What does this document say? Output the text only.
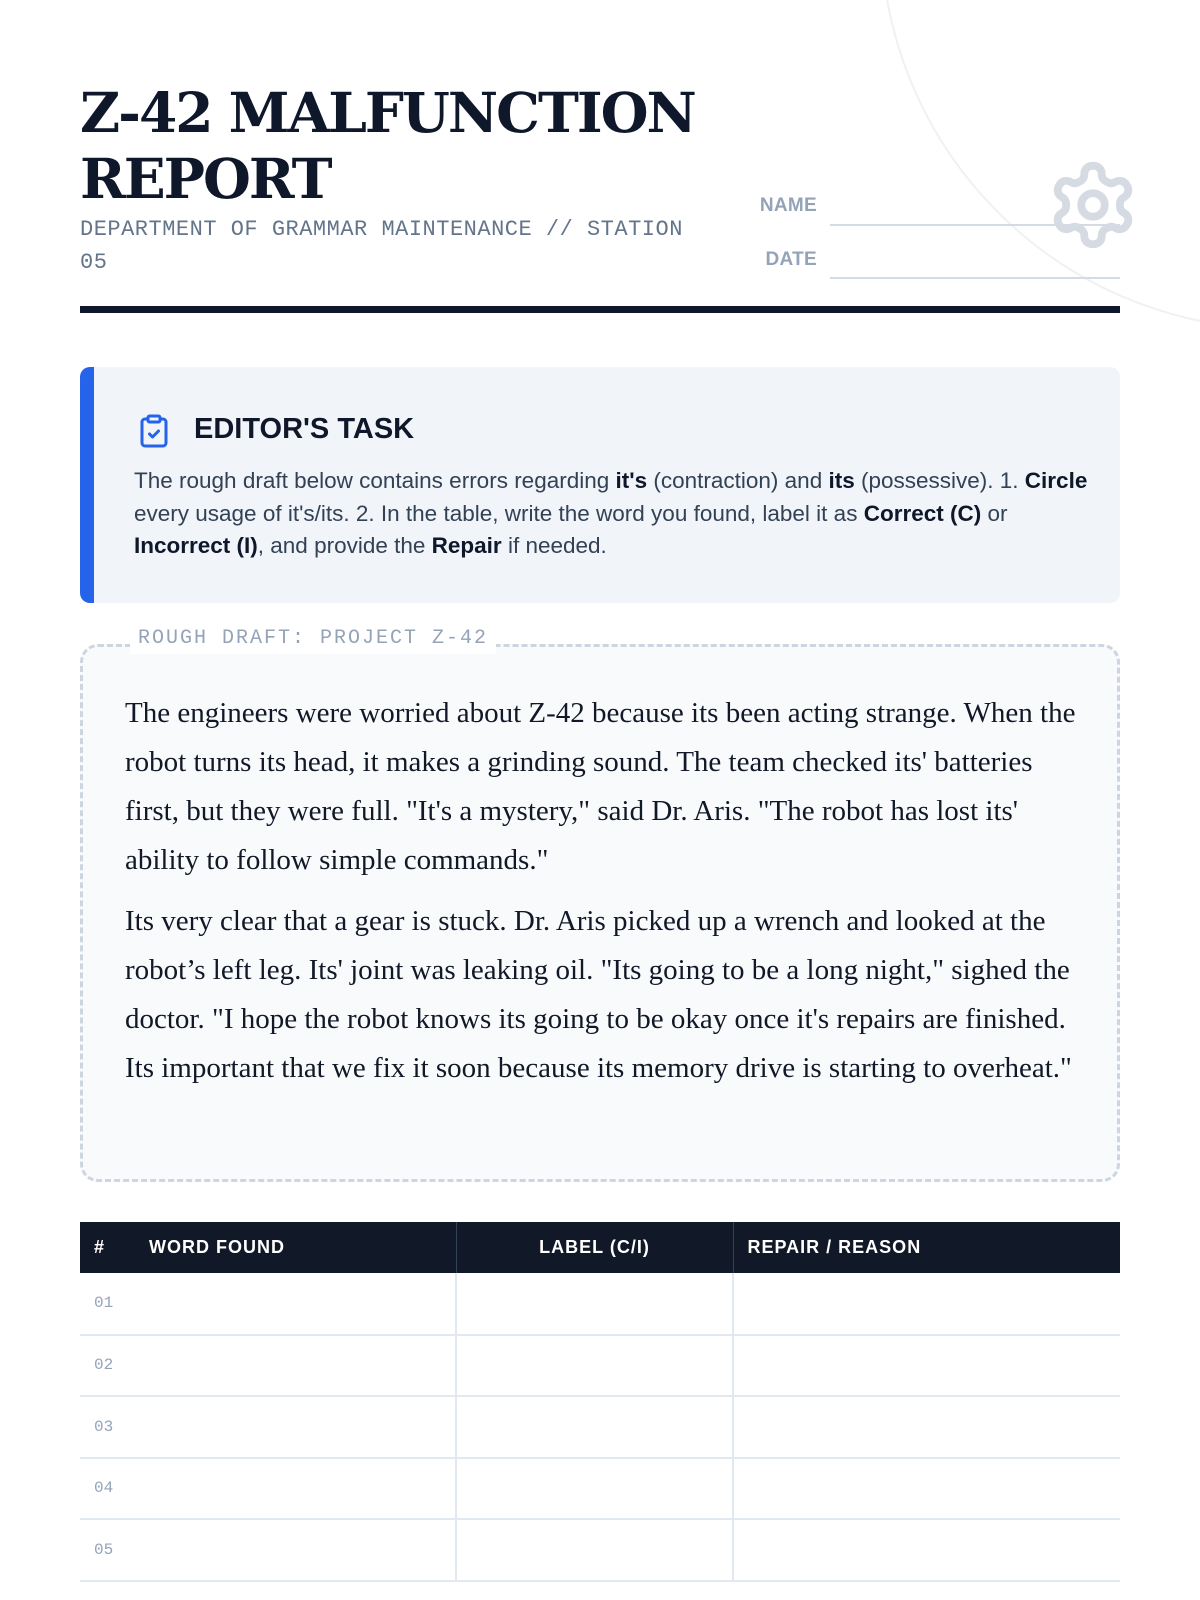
Z-42 MALFUNCTION REPORT
DEPARTMENT OF GRAMMAR MAINTENANCE // STATION 05
NAME
DATE
EDITOR'S TASK
The rough draft below contains errors regarding it's (contraction) and its (possessive). 1. Circle every usage of it's/its. 2. In the table, write the word you found, label it as Correct (C) or Incorrect (I), and provide the Repair if needed.

The engineers were worried about Z-42 because its been acting strange. When the robot turns its head, it makes a grinding sound. The team checked its' batteries first, but they were full. "It's a mystery," said Dr. Aris. "The robot has lost its' ability to follow simple commands."

Its very clear that a gear is stuck. Dr. Aris picked up a wrench and looked at the robot’s left leg. Its' joint was leaking oil. "Its going to be a long night," sighed the doctor. "I hope the robot knows its going to be okay once it's repairs are finished. Its important that we fix it soon because its memory drive is starting to overheat."

ROUGH DRAFT: PROJECT Z-42
# WORD FOUND	LABEL (C/I)	REPAIR / REASON
01		
02		
03		
04		
05		
